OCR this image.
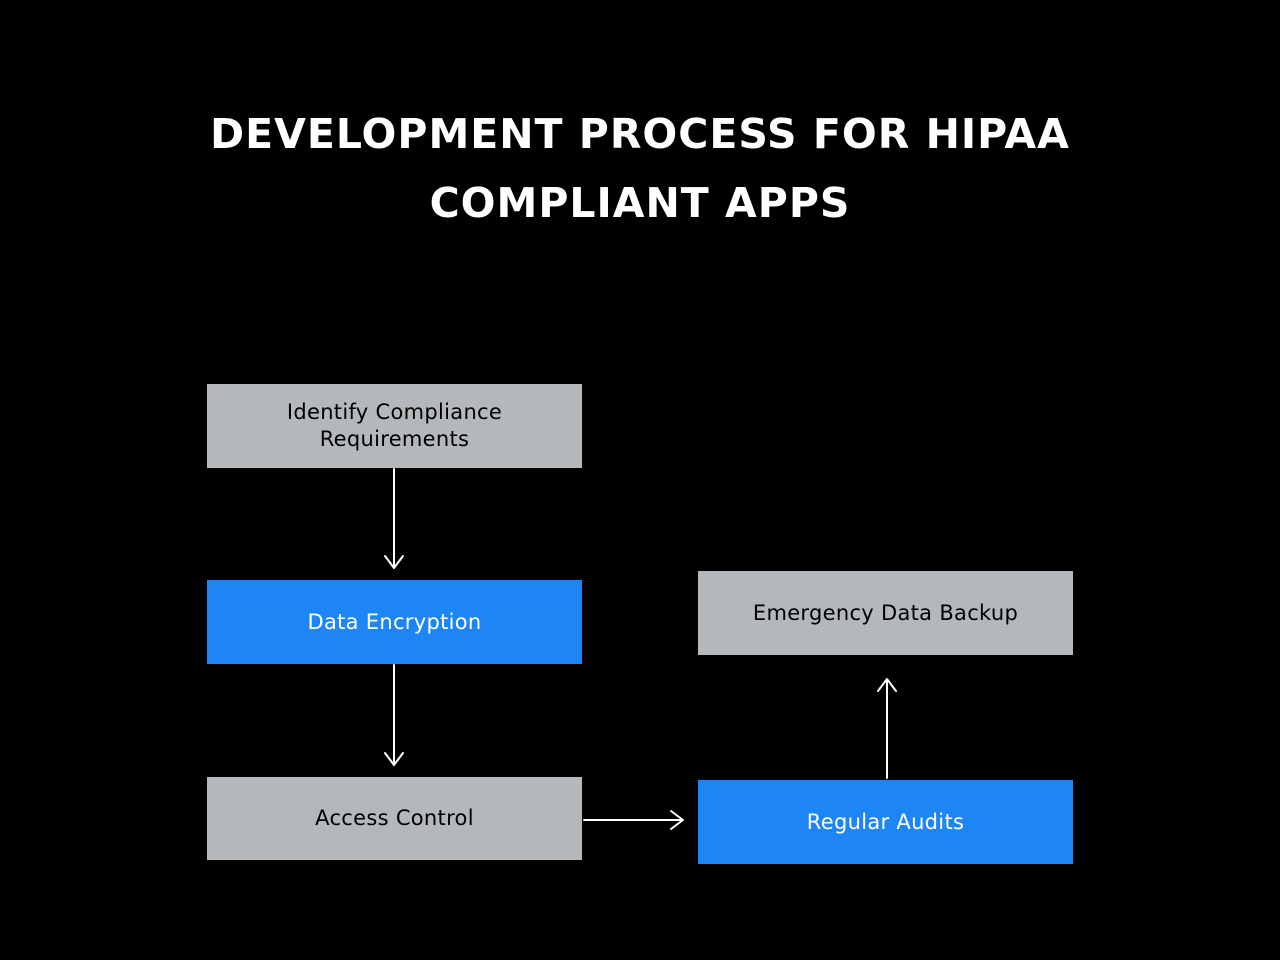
DEVELOPMENT PROCESS FOR HIPAA
COMPLIANT APPS
Identify Compliance Requirements
Data Encryption
Access Control	Regular Audits
Emergency Data Backup
